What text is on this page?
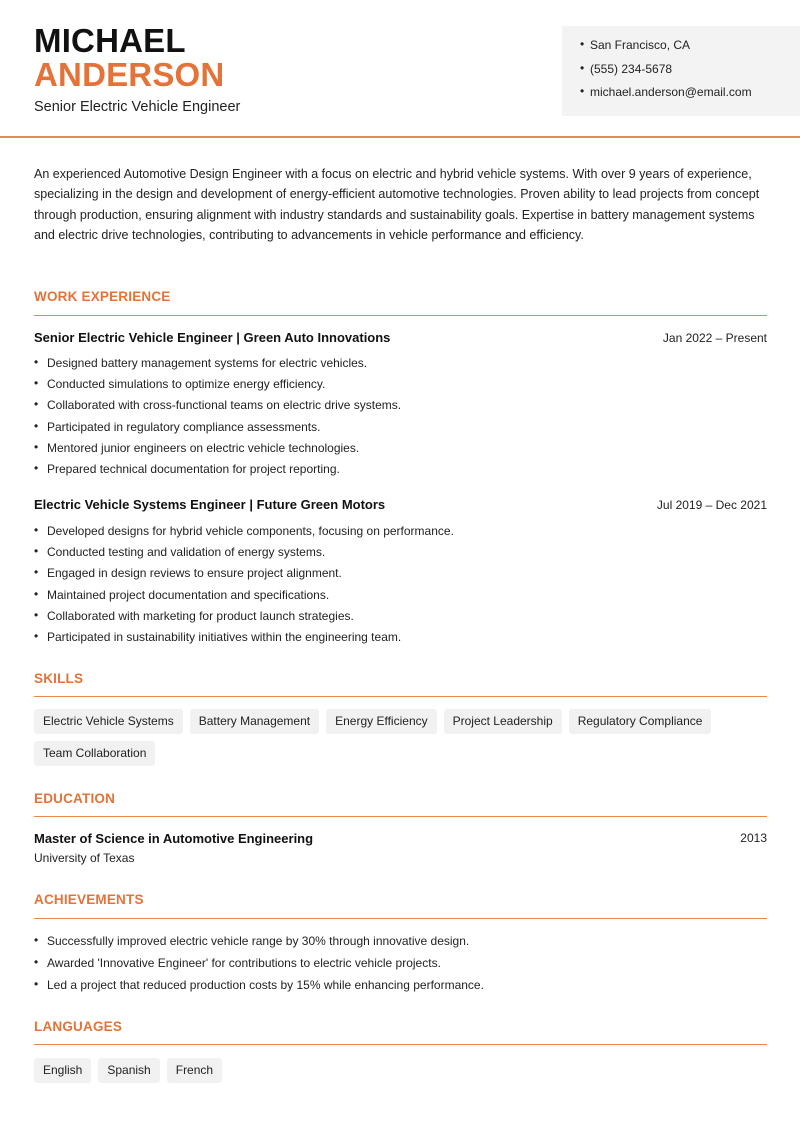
MICHAEL
ANDERSON
Senior Electric Vehicle Engineer
• San Francisco, CA
• (555) 234-5678
• michael.anderson@email.com

An experienced Automotive Design Engineer with a focus on electric and hybrid vehicle systems. With over 9 years of experience, specializing in the design and development of energy-efficient automotive technologies. Proven ability to lead projects from concept through production, ensuring alignment with industry standards and sustainability goals. Expertise in battery management systems and electric drive technologies, contributing to advancements in vehicle performance and efficiency.

WORK EXPERIENCE
Senior Electric Vehicle Engineer | Green Auto Innovations	Jan 2022 – Present
• Designed battery management systems for electric vehicles.
• Conducted simulations to optimize energy efficiency.
• Collaborated with cross-functional teams on electric drive systems.
• Participated in regulatory compliance assessments.
• Mentored junior engineers on electric vehicle technologies.
• Prepared technical documentation for project reporting.
Electric Vehicle Systems Engineer | Future Green Motors	Jul 2019 – Dec 2021
• Developed designs for hybrid vehicle components, focusing on performance.
• Conducted testing and validation of energy systems.
• Engaged in design reviews to ensure project alignment.
• Maintained project documentation and specifications.
• Collaborated with marketing for product launch strategies.
• Participated in sustainability initiatives within the engineering team.
SKILLS
Electric Vehicle Systems	Battery Management	Energy Efficiency	Project Leadership	Regulatory Compliance
Team Collaboration
EDUCATION
Master of Science in Automotive Engineering	2013
University of Texas
ACHIEVEMENTS
• Successfully improved electric vehicle range by 30% through innovative design.
• Awarded 'Innovative Engineer' for contributions to electric vehicle projects.
• Led a project that reduced production costs by 15% while enhancing performance.
LANGUAGES
English	Spanish	French
